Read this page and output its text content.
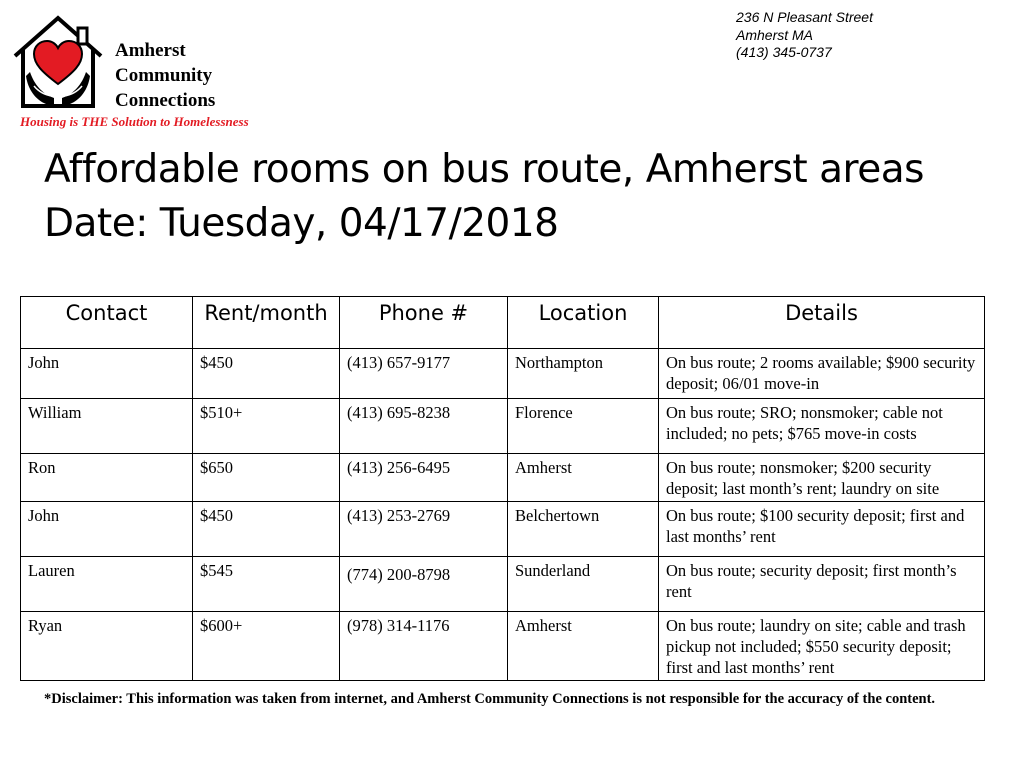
Amherst
Community
Connections
Housing is THE Solution to Homelessness
236 N Pleasant Street
Amherst MA
(413) 345-0737
Affordable rooms on bus route, Amherst areas
Date: Tuesday, 04/17/2018
Contact	Rent/month	Phone #	Location	Details
John	$450	(413) 657-9177	Northampton	On bus route; 2 rooms available; $900 security deposit; 06/01 move-in
William	$510+	(413) 695-8238	Florence	On bus route; SRO; nonsmoker; cable not included; no pets; $765 move-in costs
Ron	$650	(413) 256-6495	Amherst	On bus route; nonsmoker; $200 security deposit; last month’s rent; laundry on site
John	$450	(413) 253-2769	Belchertown	On bus route; $100 security deposit; first and last months’ rent
Lauren	$545	(774) 200-8798	Sunderland	On bus route; security deposit; first month’s rent
Ryan	$600+	(978) 314-1176	Amherst	On bus route; laundry on site; cable and trash pickup not included; $550 security deposit; first and last months’ rent
*Disclaimer: This information was taken from internet, and Amherst Community Connections is not responsible for the accuracy of the content.
